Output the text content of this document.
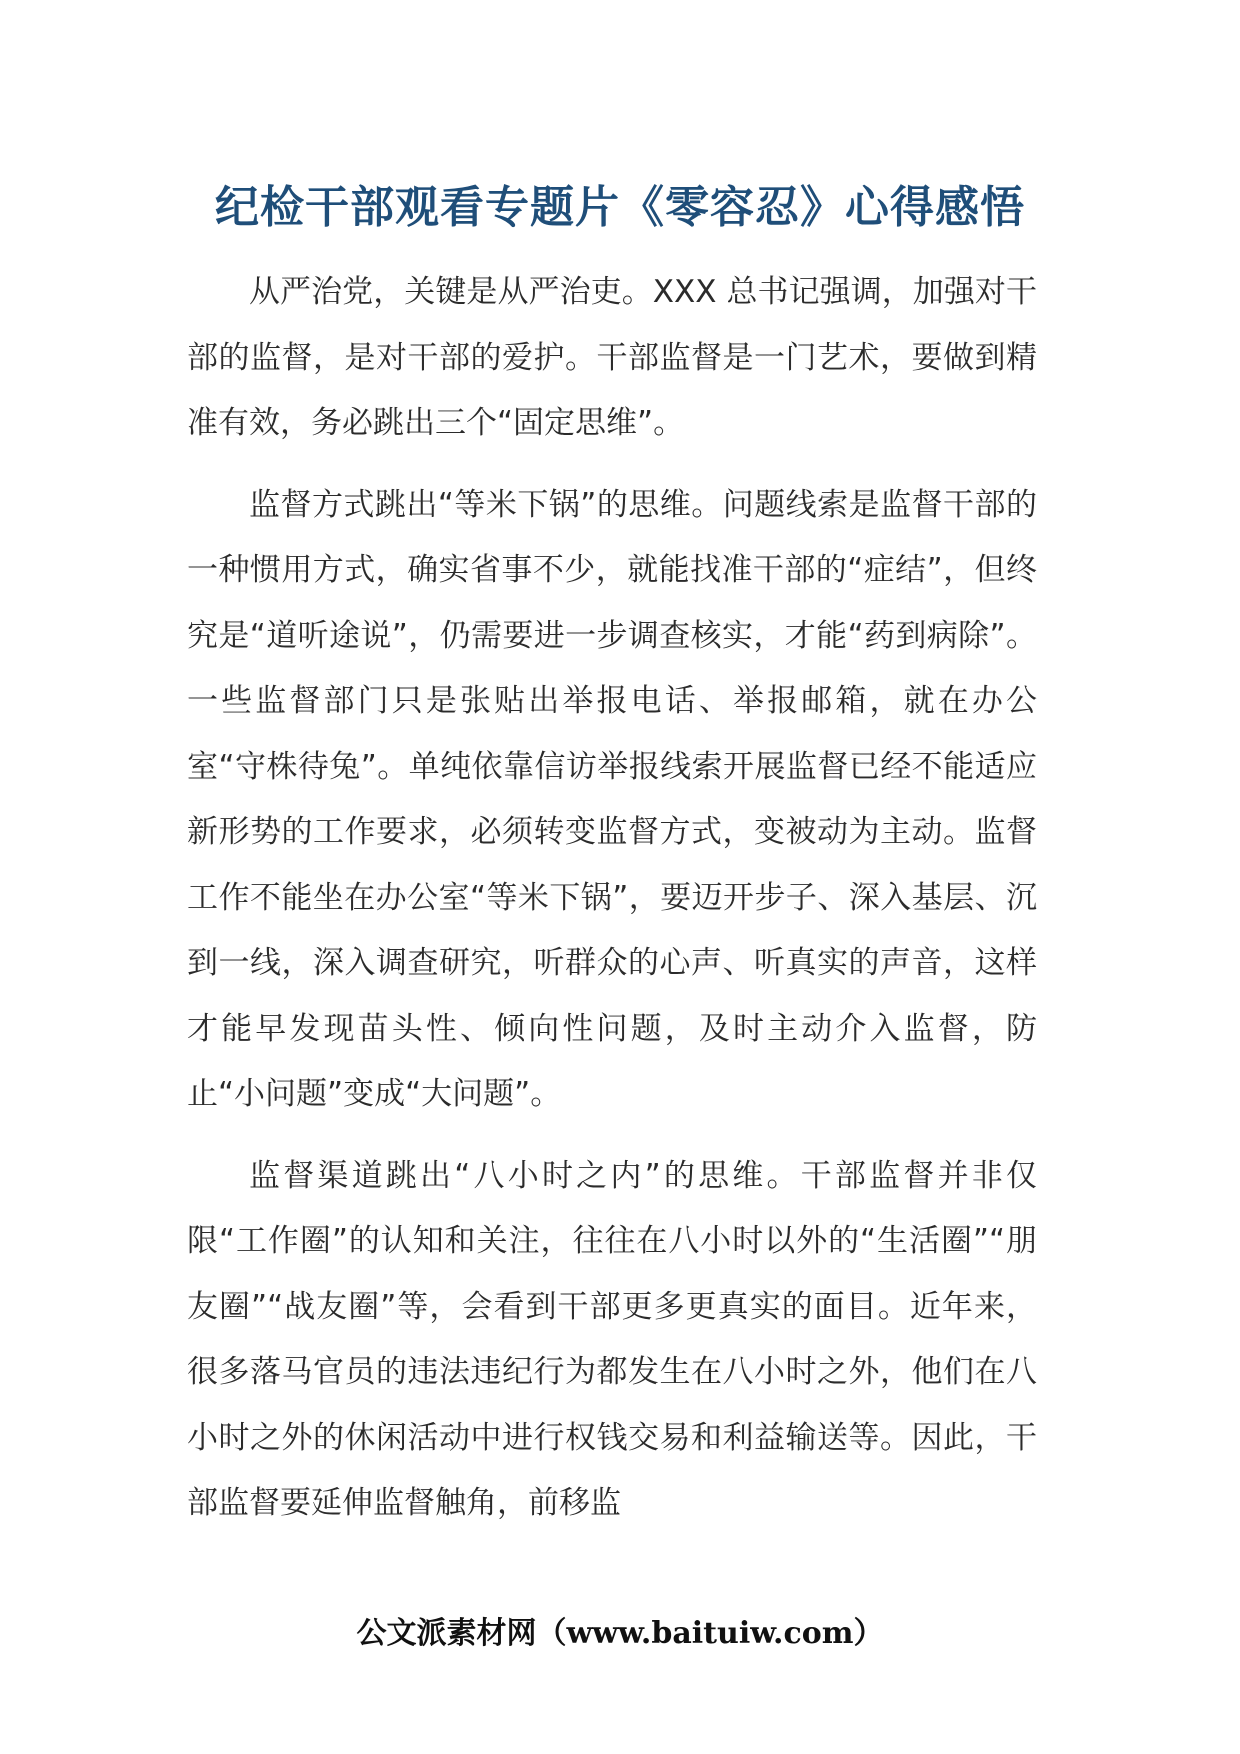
纪检干部观看专题片《零容忍》心得感悟

从严治党，关键是从严治吏。XXX 总书记强调，加强对干部的监督，是对干部的爱护。干部监督是一门艺术，要做到精准有效，务必跳出三个“固定思维”。

监督方式跳出“等米下锅”的思维。问题线索是监督干部的一种惯用方式，确实省事不少，就能找准干部的“症结”，但终究是“道听途说”，仍需要进一步调查核实，才能“药到病除”。一些监督部门只是张贴出举报电话、举报邮箱，就在办公室“守株待兔”。单纯依靠信访举报线索开展监督已经不能适应新形势的工作要求，必须转变监督方式，变被动为主动。监督工作不能坐在办公室“等米下锅”，要迈开步子、深入基层、沉到一线，深入调查研究，听群众的心声、听真实的声音，这样才能早发现苗头性、倾向性问题，及时主动介入监督，防止“小问题”变成“大问题”。

监督渠道跳出“八小时之内”的思维。干部监督并非仅限“工作圈”的认知和关注，往往在八小时以外的“生活圈”“朋友圈”“战友圈”等，会看到干部更多更真实的面目。近年来，很多落马官员的违法违纪行为都发生在八小时之外，他们在八小时之外的休闲活动中进行权钱交易和利益输送等。因此，干部监督要延伸监督触角，前移监

公文派素材网（www.baituiw.com）
